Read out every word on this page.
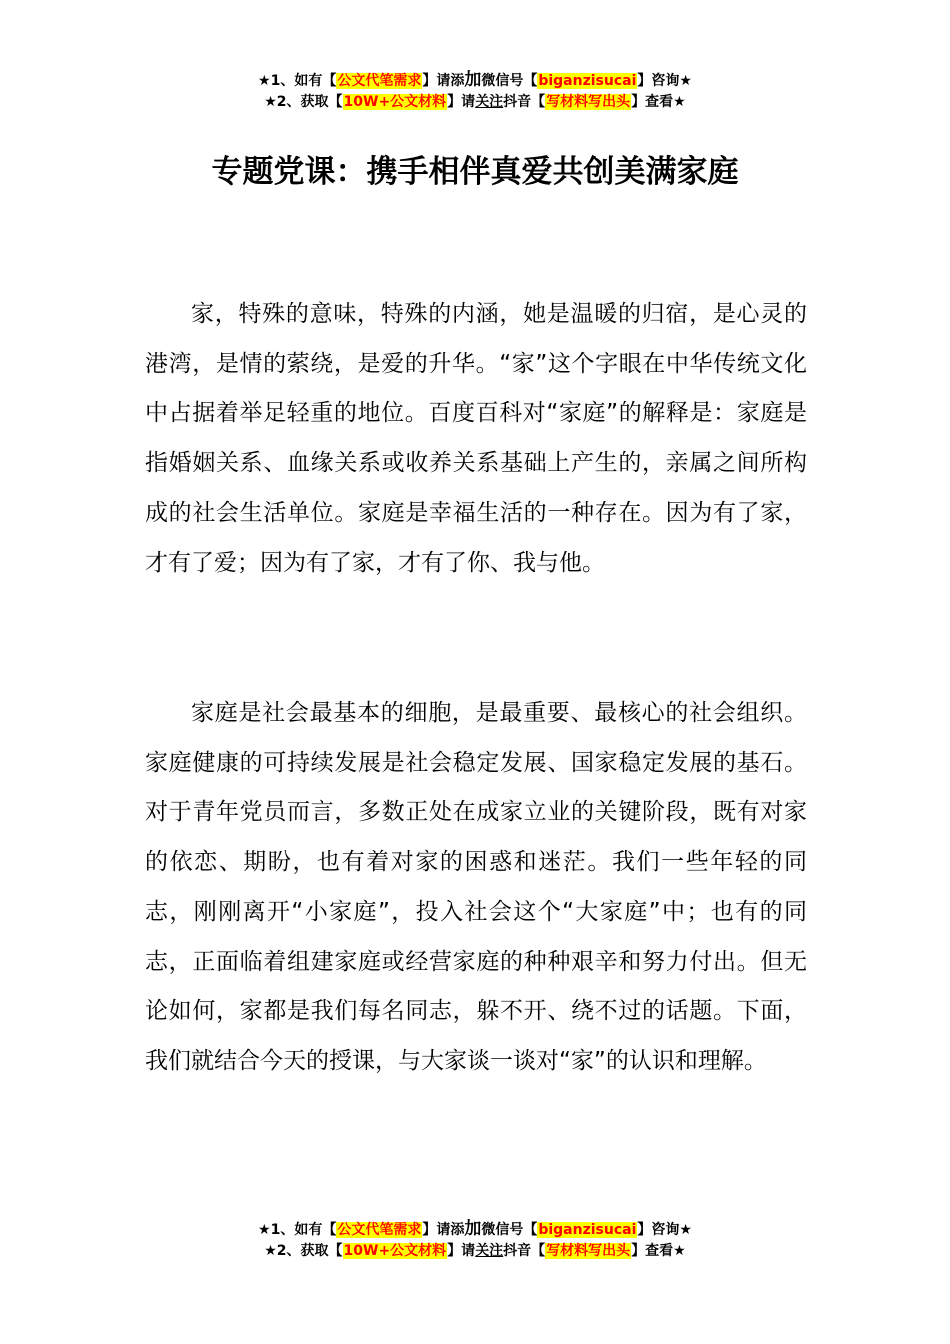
★1、如有【公文代笔需求】请添加微信号【biganzisucai】咨询★
★2、获取【10W+公文材料】请关注抖音【写材料写出头】查看★
专题党课：携手相伴真爱共创美满家庭

家，特殊的意味，特殊的内涵，她是温暖的归宿，是心灵的港湾，是情的萦绕，是爱的升华。“家”这个字眼在中华传统文化中占据着举足轻重的地位。百度百科对“家庭”的解释是：家庭是指婚姻关系、血缘关系或收养关系基础上产生的，亲属之间所构成的社会生活单位。家庭是幸福生活的一种存在。因为有了家，才有了爱；因为有了家，才有了你、我与他。

家庭是社会最基本的细胞，是最重要、最核心的社会组织。家庭健康的可持续发展是社会稳定发展、国家稳定发展的基石。对于青年党员而言，多数正处在成家立业的关键阶段，既有对家的依恋、期盼，也有着对家的困惑和迷茫。我们一些年轻的同志，刚刚离开“小家庭”，投入社会这个“大家庭”中；也有的同志，正面临着组建家庭或经营家庭的种种艰辛和努力付出。但无论如何，家都是我们每名同志，躲不开、绕不过的话题。下面，我们就结合今天的授课，与大家谈一谈对“家”的认识和理解。

★1、如有【公文代笔需求】请添加微信号【biganzisucai】咨询★
★2、获取【10W+公文材料】请关注抖音【写材料写出头】查看★
